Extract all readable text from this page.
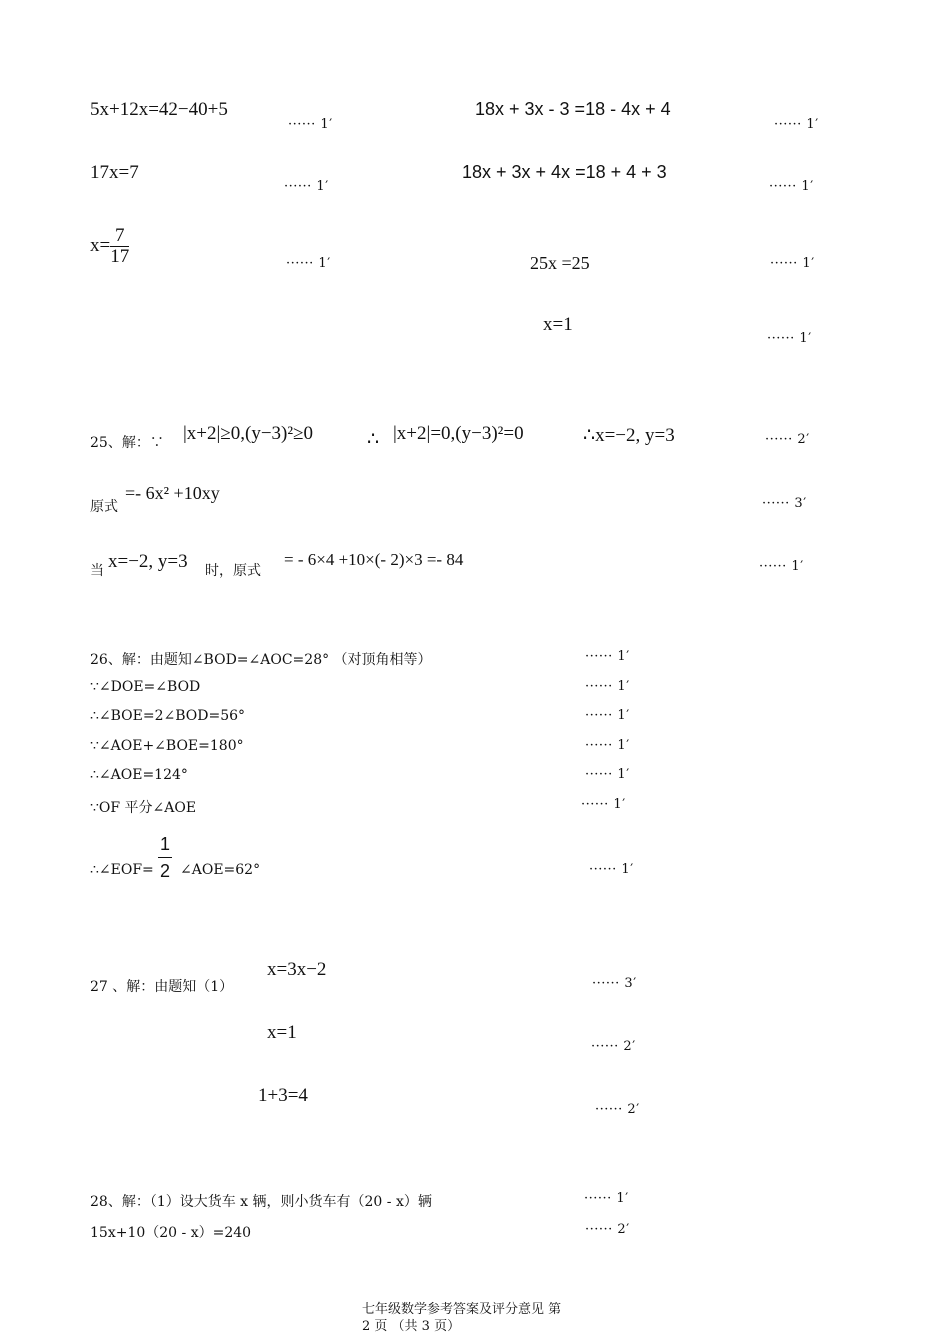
5x+12x=42−40+5
······ 1′
18x + 3x - 3 =18 - 4x + 4
······ 1′
17x=7
······ 1′
18x + 3x + 4x =18 + 4 + 3
······ 1′
$x= \frac{7}{17}$	······ 1′	25x =25	······ 1′
x=1
······ 1′
25、解：∵ |x+2|≥0,(y−3)²≥0	∴ |x+2|=0,(y−3)²=0	∴x=−2, y=3	······ 2′
原式
=- 6x² +10xy
······ 3′
当 x=−2, y=3 时，原式
= - 6×4 +10×(- 2)×3 =- 84	······ 1′
26、解：由题知∠BOD=∠AOC=28° （对顶角相等）	······ 1′
∵∠DOE=∠BOD	······ 1′
∴∠BOE=2∠BOD=56°	······ 1′
∵∠AOE+∠BOE=180°	······ 1′
∴∠AOE=124°	······ 1′
∵OF 平分∠AOE	······ 1′
∴∠EOF= $\frac{1}{2}$ ∠AOE=62°	······ 1′
27 、解：由题知（1）
x=3x−2
······ 3′
x=1
······ 2′
1+3=4
······ 2′
28、解：（1）设大货车 x 辆，则小货车有（20 - x）辆	······ 1′
15x+10（20 - x）=240	······ 2′
七年级数学参考答案及评分意见 第
2 页 （共 3 页）
